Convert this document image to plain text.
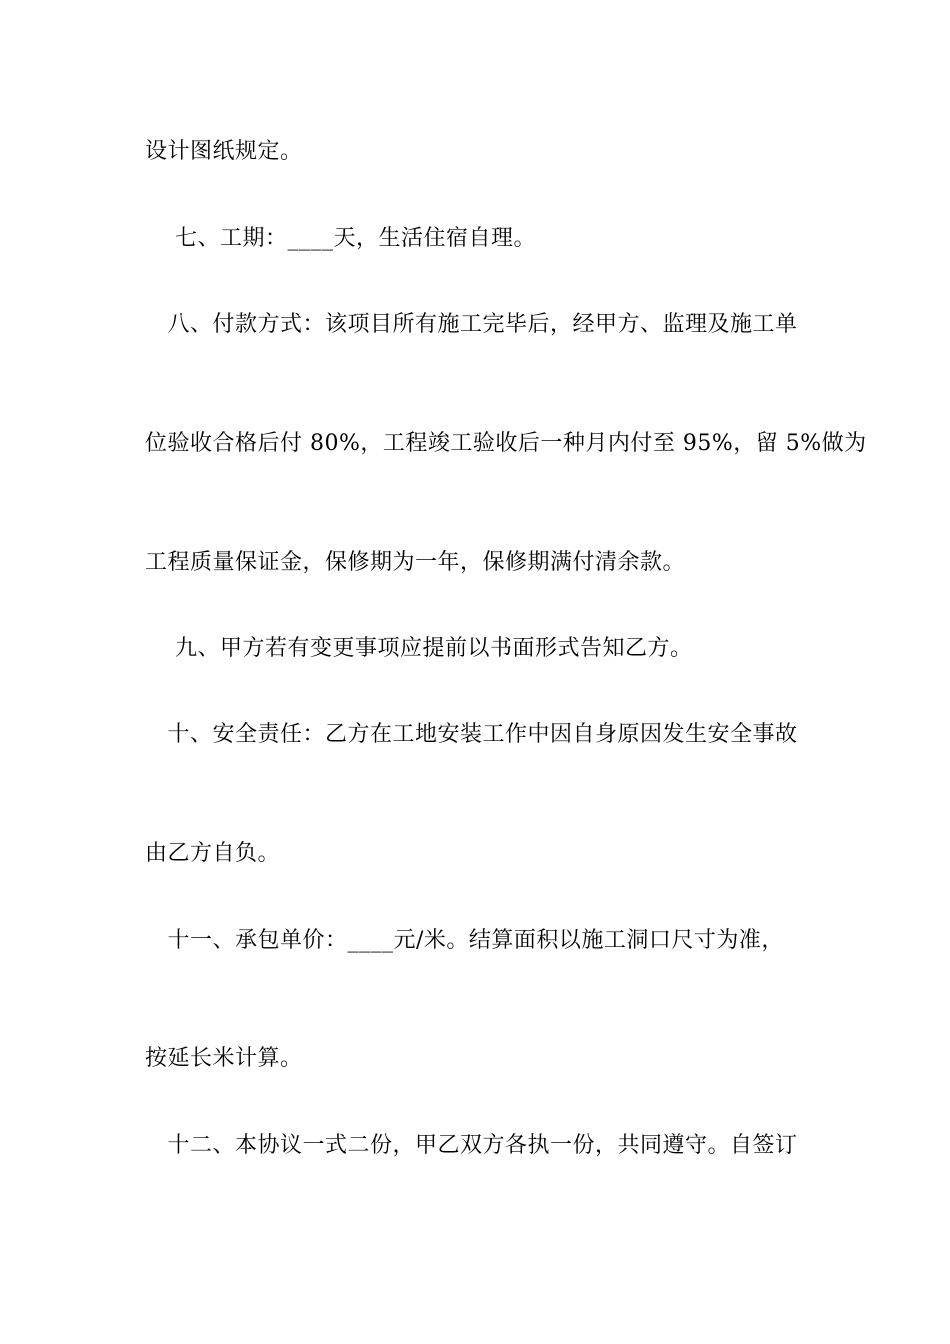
设计图纸规定。
七、工期：____天，生活住宿自理。
八、付款方式：该项目所有施工完毕后，经甲方、监理及施工单
位验收合格后付 80%，工程竣工验收后一种月内付至 95%，留 5%做为
工程质量保证金，保修期为一年，保修期满付清余款。
九、甲方若有变更事项应提前以书面形式告知乙方。
十、安全责任：乙方在工地安装工作中因自身原因发生安全事故
由乙方自负。
十一、承包单价：____元/米。结算面积以施工洞口尺寸为准，
按延长米计算。
十二、本协议一式二份，甲乙双方各执一份，共同遵守。自签订
